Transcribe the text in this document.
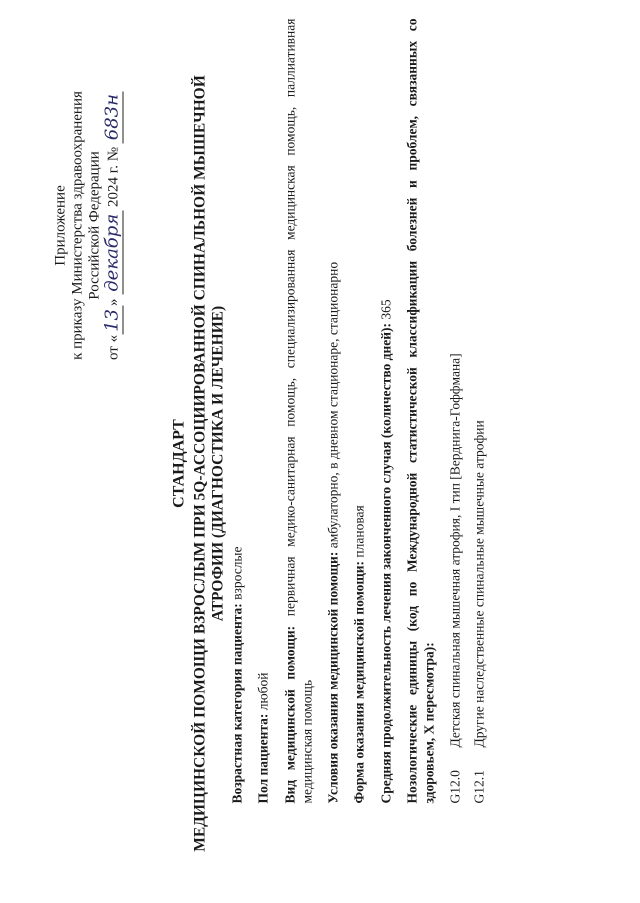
Приложение к приказу Министерства здравоохранения Российской Федерации
от «13» декабря 2024 г. № 683н
СТАНДАРТ МЕДИЦИНСКОЙ ПОМОЩИ ВЗРОСЛЫМ ПРИ 5Q-АССОЦИИРОВАННОЙ СПИНАЛЬНОЙ МЫШЕЧНОЙ АТРОФИИ (ДИАГНОСТИКА И ЛЕЧЕНИЕ)
Возрастная категория пациента: взрослые
Пол пациента: любой Вид медицинской помощи: первичная медико-санитарная помощь, специализированная медицинская помощь, паллиативная медицинская помощь Условия оказания медицинской помощи: амбулаторно, в дневном стационаре, стационарно
Форма оказания медицинской помощи: плановая Средняя продолжительность лечения законченного случая (количество дней): 365 Нозологические единицы (код по Международной статистической классификации болезней и проблем, связанных со здоровьем, X пересмотра): G12.0
Детская спинальная мышечная атрофия, I тип [Верднига-Гоффмана]
G12.1
Другие наследственные спинальные мышечные атрофии
